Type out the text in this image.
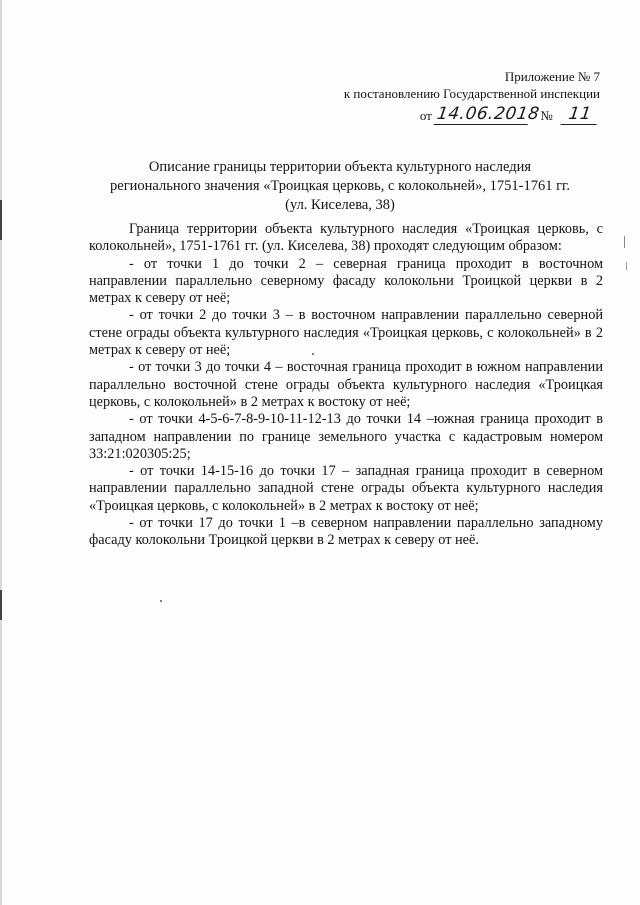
Приложение № 7
к постановлению Государственной инспекции
от 14.06.2018 № 11
Описание границы территории объекта культурного наследия
регионального значения «Троицкая церковь, с колокольней», 1751-1761 гг.
(ул. Киселева, 38)

Граница территории объекта культурного наследия «Троицкая церковь, с колокольней», 1751-1761 гг. (ул. Киселева, 38) проходят следующим образом:

- от точки 1 до точки 2 – северная граница проходит в восточном направлении параллельно северному фасаду колокольни Троицкой церкви в 2 метрах к северу от неё;

- от точки 2 до точки 3 – в восточном направлении параллельно северной стене ограды объекта культурного наследия «Троицкая церковь, с колокольней» в 2 метрах к северу от неё;

- от точки 3 до точки 4 – восточная граница проходит в южном направлении параллельно восточной стене ограды объекта культурного наследия «Троицкая церковь, с колокольней» в 2 метрах к востоку от неё;

- от точки 4-5-6-7-8-9-10-11-12-13 до точки 14 –южная граница проходит в западном направлении по границе земельного участка с кадастровым номером 33:21:020305:25;

- от точки 14-15-16 до точки 17 – западная граница проходит в северном направлении параллельно западной стене ограды объекта культурного наследия «Троицкая церковь, с колокольней» в 2 метрах к востоку от неё;

- от точки 17 до точки 1 –в северном направлении параллельно западному фасаду колокольни Троицкой церкви в 2 метрах к северу от неё.
